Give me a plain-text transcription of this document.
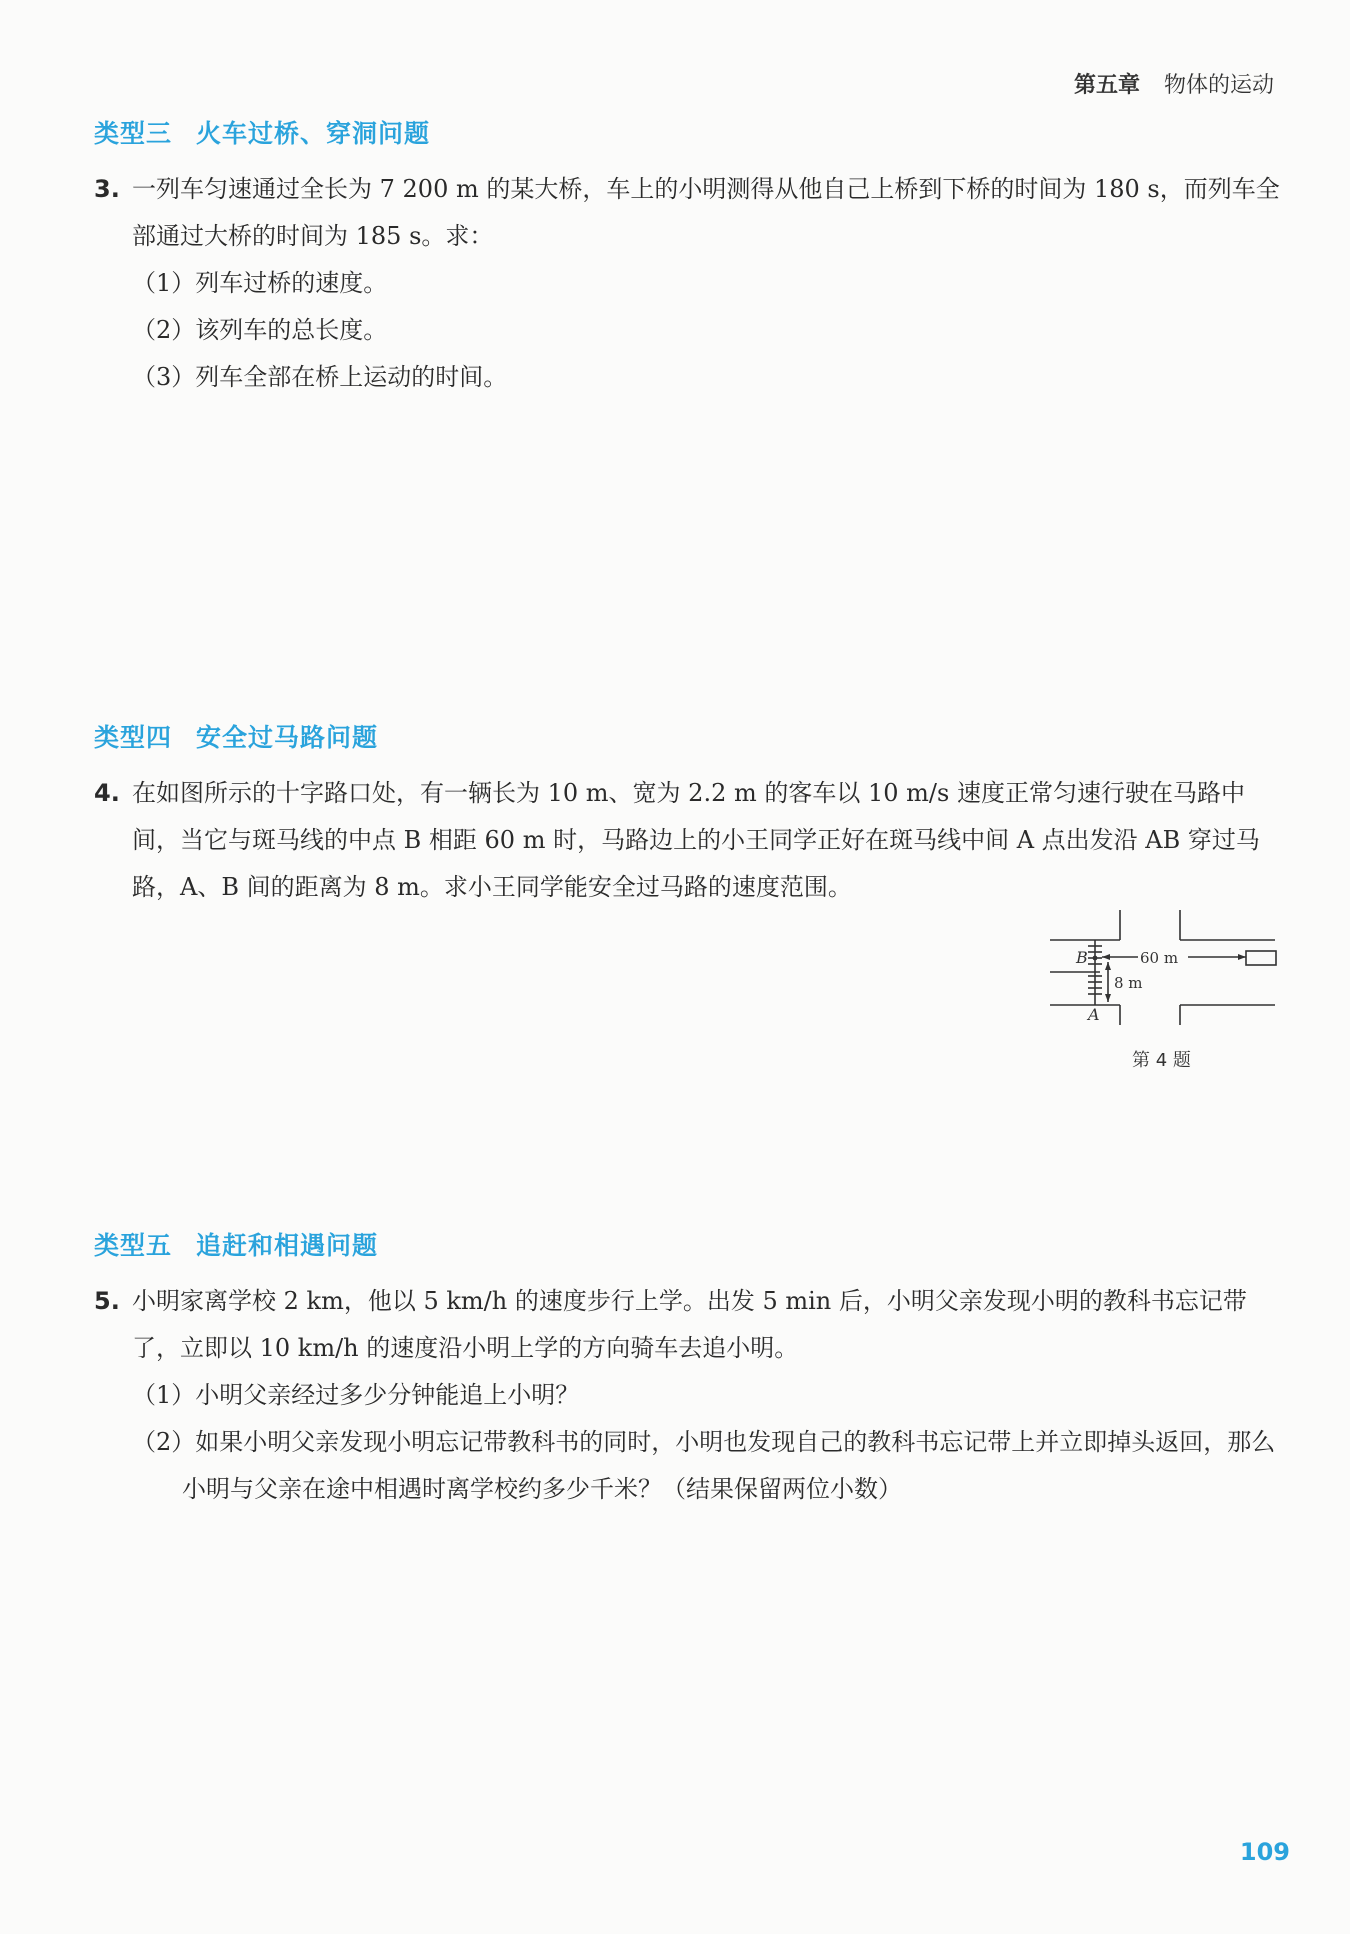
第五章 物体的运动
类型三 火车过桥、穿洞问题
3. 一列车匀速通过全长为 7 200 m 的某大桥，车上的小明测得从他自己上桥到下桥的时间为 180 s，而列车全部通过大桥的时间为 185 s。求：
（1）列车过桥的速度。
（2）该列车的总长度。
（3）列车全部在桥上运动的时间。
类型四 安全过马路问题
4. 在如图所示的十字路口处，有一辆长为 10 m、宽为 2.2 m 的客车以 10 m/s 速度正常匀速行驶在马路中间，当它与斑马线的中点 B 相距 60 m 时，马路边上的小王同学正好在斑马线中间 A 点出发沿 AB 穿过马路，A、B 间的距离为 8 m。求小王同学能安全过马路的速度范围。
B	60 m
8 m
A
第 4 题
类型五 追赶和相遇问题
5. 小明家离学校 2 km，他以 5 km/h 的速度步行上学。出发 5 min 后，小明父亲发现小明的教科书忘记带了，立即以 10 km/h 的速度沿小明上学的方向骑车去追小明。
（1）小明父亲经过多少分钟能追上小明？
（2）如果小明父亲发现小明忘记带教科书的同时，小明也发现自己的教科书忘记带上并立即掉头返回，那么小明与父亲在途中相遇时离学校约多少千米？（结果保留两位小数）
109
